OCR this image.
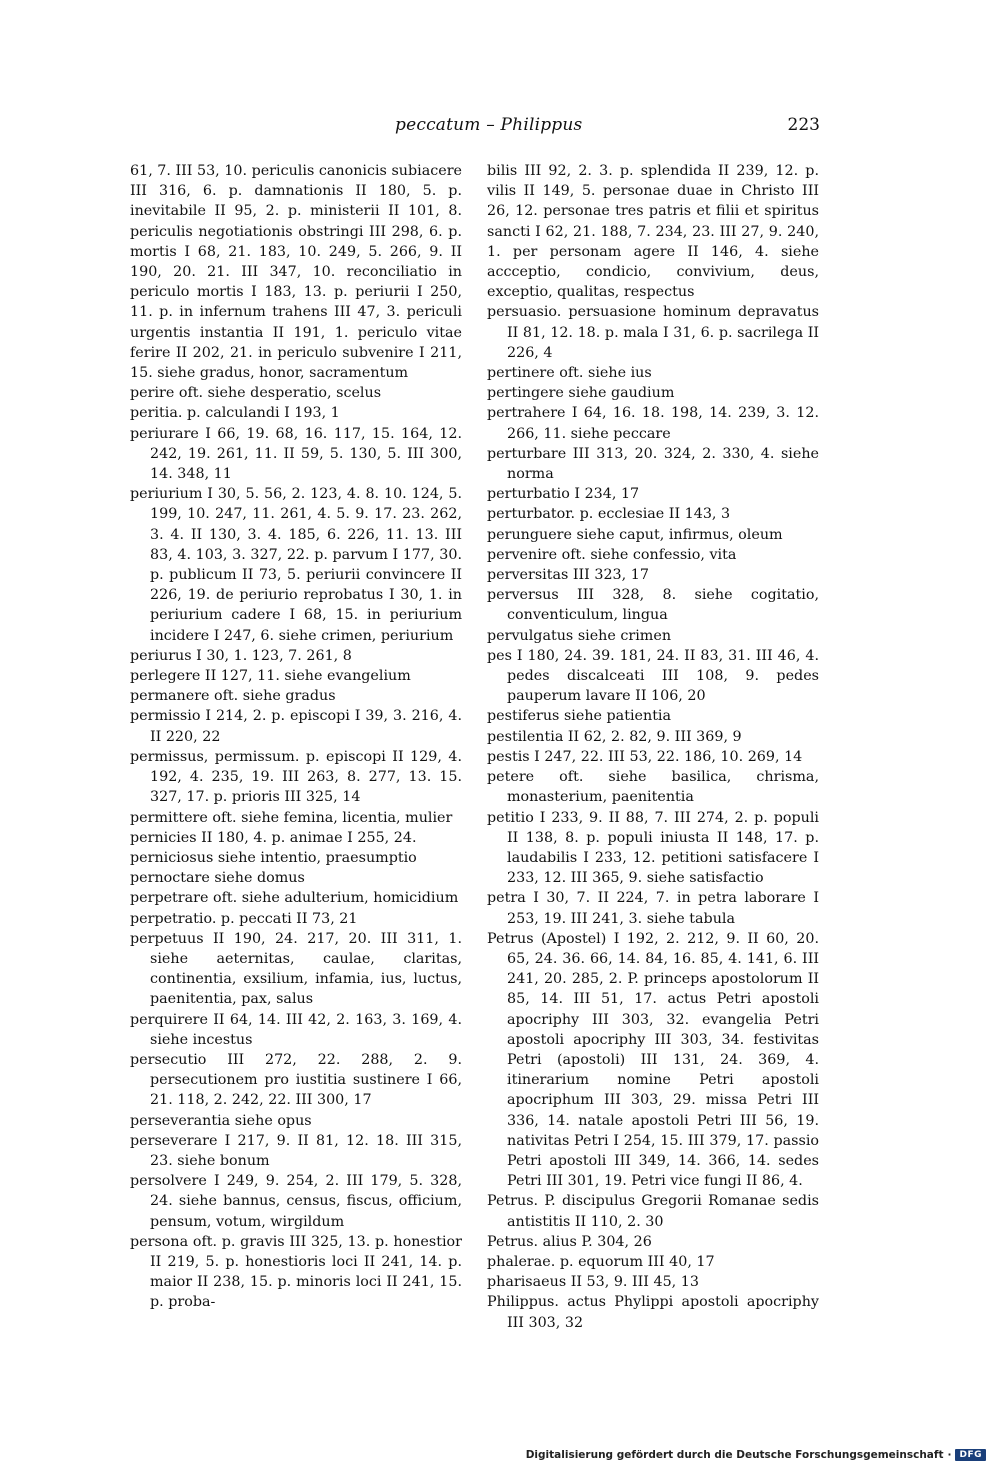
peccatum – Philippus	223

61, 7. III 53, 10. periculis canonicis subiacere III 316, 6. p. damnationis II 180, 5. p. inevitabile II 95, 2. p. ministerii II 101, 8. periculis negotiationis obstringi III 298, 6. p. mortis I 68, 21. 183, 10. 249, 5. 266, 9. II 190, 20. 21. III 347, 10. reconciliatio in periculo mortis I 183, 13. p. periurii I 250, 11. p. in infernum trahens III 47, 3. periculi urgentis instantia II 191, 1. periculo vitae ferire II 202, 21. in periculo subvenire I 211, 15. siehe gradus, honor, sacramentum

perire oft. siehe desperatio, scelus

peritia. p. calculandi I 193, 1

periurare I 66, 19. 68, 16. 117, 15. 164, 12. 242, 19. 261, 11. II 59, 5. 130, 5. III 300, 14. 348, 11

periurium I 30, 5. 56, 2. 123, 4. 8. 10. 124, 5. 199, 10. 247, 11. 261, 4. 5. 9. 17. 23. 262, 3. 4. II 130, 3. 4. 185, 6. 226, 11. 13. III 83, 4. 103, 3. 327, 22. p. parvum I 177, 30. p. publicum II 73, 5. periurii convincere II 226, 19. de periurio reprobatus I 30, 1. in periurium cadere I 68, 15. in periurium incidere I 247, 6. siehe crimen, periurium

periurus I 30, 1. 123, 7. 261, 8

perlegere II 127, 11. siehe evangelium

permanere oft. siehe gradus

permissio I 214, 2. p. episcopi I 39, 3. 216, 4. II 220, 22

permissus, permissum. p. episcopi II 129, 4. 192, 4. 235, 19. III 263, 8. 277, 13. 15. 327, 17. p. prioris III 325, 14

permittere oft. siehe femina, licentia, mulier

pernicies II 180, 4. p. animae I 255, 24.

perniciosus siehe intentio, praesumptio

pernoctare siehe domus

perpetrare oft. siehe adulterium, homicidium

perpetratio. p. peccati II 73, 21

perpetuus II 190, 24. 217, 20. III 311, 1. siehe aeternitas, caulae, claritas, continentia, exsilium, infamia, ius, luctus, paenitentia, pax, salus

perquirere II 64, 14. III 42, 2. 163, 3. 169, 4. siehe incestus

persecutio III 272, 22. 288, 2. 9. persecutionem pro iustitia sustinere I 66, 21. 118, 2. 242, 22. III 300, 17

perseverantia siehe opus

perseverare I 217, 9. II 81, 12. 18. III 315, 23. siehe bonum

persolvere I 249, 9. 254, 2. III 179, 5. 328, 24. siehe bannus, census, fiscus, officium, pensum, votum, wirgildum

persona oft. p. gravis III 325, 13. p. honestior II 219, 5. p. honestioris loci II 241, 14. p. maior II 238, 15. p. minoris loci II 241, 15. p. proba-

bilis III 92, 2. 3. p. splendida II 239, 12. p. vilis II 149, 5. personae duae in Christo III 26, 12. personae tres patris et filii et spiritus sancti I 62, 21. 188, 7. 234, 23. III 27, 9. 240, 1. per personam agere II 146, 4. siehe accceptio, condicio, convivium, deus, exceptio, qualitas, respectus

persuasio. persuasione hominum depravatus II 81, 12. 18. p. mala I 31, 6. p. sacrilega II 226, 4

pertinere oft. siehe ius

pertingere siehe gaudium

pertrahere I 64, 16. 18. 198, 14. 239, 3. 12. 266, 11. siehe peccare

perturbare III 313, 20. 324, 2. 330, 4. siehe norma

perturbatio I 234, 17

perturbator. p. ecclesiae II 143, 3

perunguere siehe caput, infirmus, oleum

pervenire oft. siehe confessio, vita

perversitas III 323, 17

perversus III 328, 8. siehe cogitatio, conventiculum, lingua

pervulgatus siehe crimen

pes I 180, 24. 39. 181, 24. II 83, 31. III 46, 4. pedes discalceati III 108, 9. pedes pauperum lavare II 106, 20

pestiferus siehe patientia

pestilentia II 62, 2. 82, 9. III 369, 9

pestis I 247, 22. III 53, 22. 186, 10. 269, 14

petere oft. siehe basilica, chrisma, monasterium, paenitentia

petitio I 233, 9. II 88, 7. III 274, 2. p. populi II 138, 8. p. populi iniusta II 148, 17. p. laudabilis I 233, 12. petitioni satisfacere I 233, 12. III 365, 9. siehe satisfactio

petra I 30, 7. II 224, 7. in petra laborare I 253, 19. III 241, 3. siehe tabula

Petrus (Apostel) I 192, 2. 212, 9. II 60, 20. 65, 24. 36. 66, 14. 84, 16. 85, 4. 141, 6. III 241, 20. 285, 2. P. princeps apostolorum II 85, 14. III 51, 17. actus Petri apostoli apocriphy III 303, 32. evangelia Petri apostoli apocriphy III 303, 34. festivitas Petri (apostoli) III 131, 24. 369, 4. itinerarium nomine Petri apostoli apocriphum III 303, 29. missa Petri III 336, 14. natale apostoli Petri III 56, 19. nativitas Petri I 254, 15. III 379, 17. passio Petri apostoli III 349, 14. 366, 14. sedes Petri III 301, 19. Petri vice fungi II 86, 4.

Petrus. P. discipulus Gregorii Romanae sedis antistitis II 110, 2. 30

Petrus. alius P. 304, 26

phalerae. p. equorum III 40, 17

pharisaeus II 53, 9. III 45, 13

Philippus. actus Phylippi apostoli apocriphy III 303, 32

Digitalisierung gefördert durch die Deutsche Forschungsgemeinschaft · DFG
